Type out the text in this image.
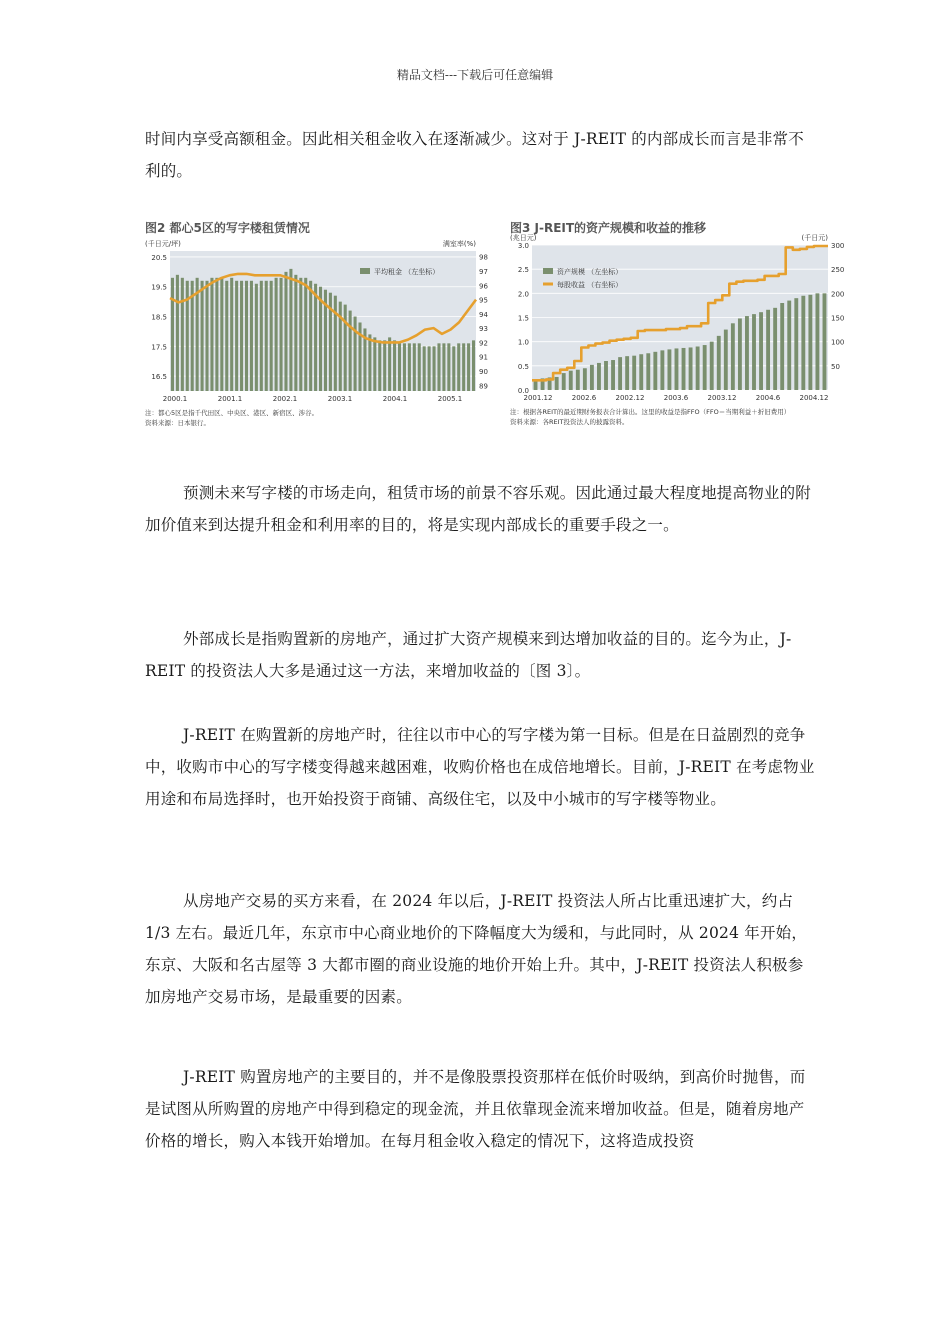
精品文档---下载后可任意编辑

时间内享受高额租金。因此相关租金收入在逐渐减少。这对于 J-REIT 的内部成长而言是非常不利的。

图2 都心5区的写字楼租赁情况
(千日元/坪)	满室率(%)
20.5
19.5
18.5
17.5
16.5
98
97
96
95
94
93
92
91
90
89
2000.1	2001.1	2002.1	2003.1	2004.1	2005.1
注：都心5区是指千代田区、中央区、港区、新宿区、涉谷。
资料来源：日本银行。
平均租金 （左坐标）
图3 J-REIT的资产规模和收益的推移
(兆日元)	(千日元)
3.0
2.5
2.0
1.5
1.0
0.5
0.0
300
250
200
150
100
50
2001.12	2002.6	2002.12	2003.6	2003.12	2004.6	2004.12
注：根据各REIT的最近期财务报表合计算出。这里的收益是指FFO（FFO＝当期利益＋折旧费用）
资料来源：各REIT投资法人的披露资料。
资产规模 （左坐标）
每股收益 （右坐标）

预测未来写字楼的市场走向，租赁市场的前景不容乐观。因此通过最大程度地提高物业的附加价值来到达提升租金和利用率的目的，将是实现内部成长的重要手段之一。

外部成长是指购置新的房地产，通过扩大资产规模来到达增加收益的目的。迄今为止，J-REIT 的投资法人大多是通过这一方法，来增加收益的〔图 3〕。

J-REIT 在购置新的房地产时，往往以市中心的写字楼为第一目标。但是在日益剧烈的竞争中，收购市中心的写字楼变得越来越困难，收购价格也在成倍地增长。目前，J-REIT 在考虑物业用途和布局选择时，也开始投资于商铺、高级住宅，以及中小城市的写字楼等物业。

从房地产交易的买方来看，在 2024 年以后，J-REIT 投资法人所占比重迅速扩大，约占 1/3 左右。最近几年，东京市中心商业地价的下降幅度大为缓和，与此同时，从 2024 年开始，东京、大阪和名古屋等 3 大都市圈的商业设施的地价开始上升。其中，J-REIT 投资法人积极参加房地产交易市场，是最重要的因素。

J-REIT 购置房地产的主要目的，并不是像股票投资那样在低价时吸纳，到高价时抛售，而是试图从所购置的房地产中得到稳定的现金流，并且依靠现金流来增加收益。但是，随着房地产价格的增长，购入本钱开始增加。在每月租金收入稳定的情况下，这将造成投资
